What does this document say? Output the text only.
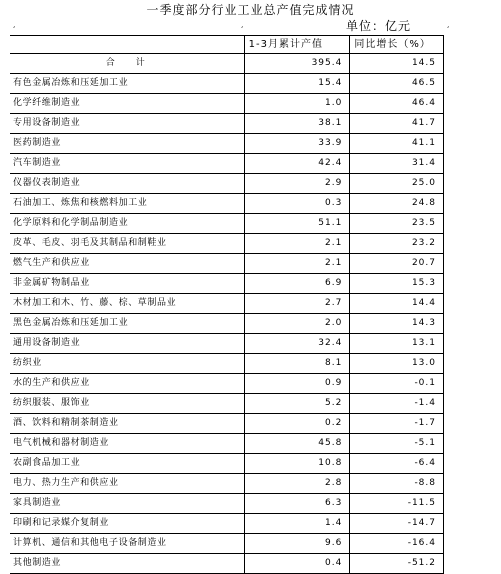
一季度部分行业工业总产值完成情况
单位：亿元
¸	¸	¸
	1-3月累计产值	同比增长（%）
合　计	395.4	14.5
有色金属冶炼和压延加工业	15.4	46.5
化学纤维制造业	1.0	46.4
专用设备制造业	38.1	41.7
医药制造业	33.9	41.1
汽车制造业	42.4	31.4
仪器仪表制造业	2.9	25.0
石油加工、炼焦和核燃料加工业	0.3	24.8
化学原料和化学制品制造业	51.1	23.5
皮革、毛皮、羽毛及其制品和制鞋业	2.1	23.2
燃气生产和供应业	2.1	20.7
非金属矿物制品业	6.9	15.3
木材加工和木、竹、藤、棕、草制品业	2.7	14.4
黑色金属冶炼和压延加工业	2.0	14.3
通用设备制造业	32.4	13.1
纺织业	8.1	13.0
水的生产和供应业	0.9	-0.1
纺织服装、服饰业	5.2	-1.4
酒、饮料和精制茶制造业	0.2	-1.7
电气机械和器材制造业	45.8	-5.1
农副食品加工业	10.8	-6.4
电力、热力生产和供应业	2.8	-8.8
家具制造业	6.3	-11.5
印刷和记录媒介复制业	1.4	-14.7
计算机、通信和其他电子设备制造业	9.6	-16.4
其他制造业	0.4	-51.2
